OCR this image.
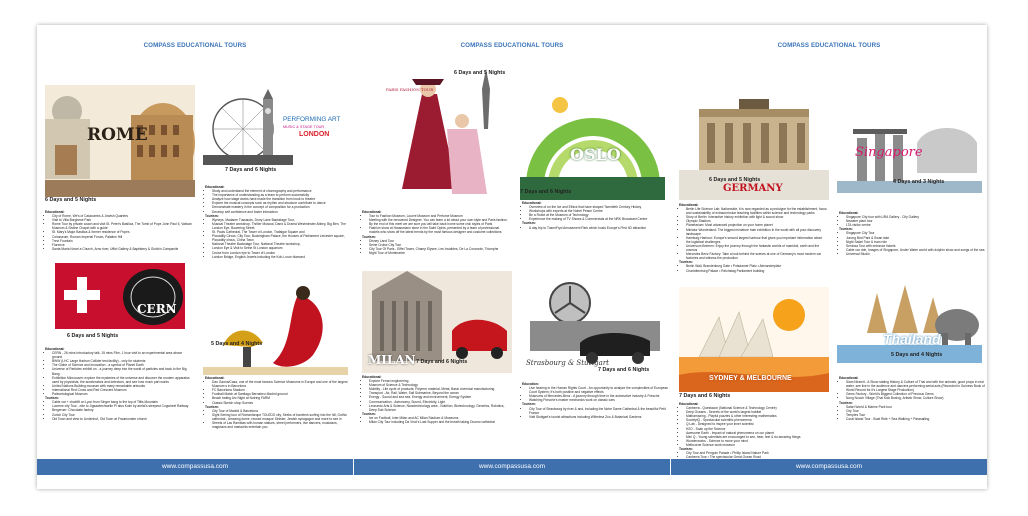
COMPASS EDUCATIONAL TOURS
ROME
6 Days and 5 Nights
Educational:
• City of Rome, We's of Catacombs & Jewish Quarters
• Visit to Villa Borghese Park
• Rome Tour by private coach and visit St. Peter's Basilica, The Tomb of Pope John Paul II, Vatican Museum & Sistine Chapel with a guide
• St. Mary's Major Basilica & former residence of Popes
• Colosseum, Roman Imperial Forum, Palatine Hill
• Trevi Fountain
• Florence
• Santa Maria Novel a Church, Arno river, Uffizi Gallery & Baptistery & Giotto's Campanile
PERFORMING ART
MUSIC & STAGE TOUR
LONDON
7 Days and 6 Nights
Educational:
• Study and understand the element of choreography and performance
• The importance of understanding as a team to perform successfully
• Analyze how stage works have made the transition from book to theatre
• Explore the musical concepts such as rhythm and structure contribute to dance
• Demonstrate mastery in the concept of composition for a production
• Develop self confidence and foster interaction
Tourism:
• Wyneys, Madame Tussauds, Drury Lane Backstage Tour,
• Musical Theatre workshop, Thriller Musical, Dand & Drama Westminster Abbey, Big Ben, The London Eye, Bowering Street,
• St. Pauls Cathedral, The Tower of London, Trafalgar Square and
• Piccadilly Circus, City Tour, Buckingham Palace, the Houses of Parliament Leicester square, Piccadilly circus, China Town
• National Theatre Backstage Tour, National Theatre workshop,
• London Eye & Visit to Seine St London aquarium
• Cruise from London eye to Tower of London
• London Bridge, English Jewels including the Koh-i-noor diamond
CERN
6 Days and 5 Nights
Educational:
• CERN - 26 mins Introductory talk, 15 mins Film, 1 hour visit to an experimental area above ground
• BWW (LHC Large Hadron Collider test facility) - only for students
• The Globe of Science and Innovation - a symbol of Planet Earth
• Universe of Particles exhibit on - a journey deep into the world of particles and back to the Big Bang
• Exhibition Microcosm: explore the mysteries of the universe and discover the modern apparatus used by physicists, the accelerators and detectors, and see how much part works
• United Nations Building museum with many remarkable artworks
• International Red Cross and Red Crescent Museum
• Paleontological Museum
Tourism:
• Cable car + chairlift on Lyon from Singer bang to the top of Titlis Mountain
• Lucerne city Tour - ride to Jigsawtechwelle Pl atus Kulm by aerial's steepest Cogwheel Railway
• Bergeruer: Chocolate factory
• Zurich City Tour
• Old Town and view to Lindenhof, Old Town at Fraumunster church
5 Days and 4 Nights
Educational:
• Dan Gaona/Casa, one of the most famous Science Museums in Europe and one of the largest Museum s in Barcelona
• FC Barcelona Stadium
• Football Match at Santiago Bernabeu Madrid ground
• Beach bating Arc Night at Nutring FARM
• Classic Sketch shop Scenes
Tourism:
• City Tour of Madrid & Barcelona
• Sight Seeing tour of Romantarque TOLEDO city, Seeks of travelers surfing into the hill, Gothic cathedral , Amazing dome, reused mosque Sinister, Jewish synagogue and more to see in
• Streets of Las Ramblas with human statues, street performers, live dancers, musicians, magicians and mariachis entertain you
www.compassusa.com
COMPASS EDUCATIONAL TOURS
PARIS FASHION TOUR
6 Days and 5 Nights
Educational:
• Tour to Fashion Museum, Louvre Museum and Perfume Museum
• Meeting with the renowned Designer. You can learn a lot about your own style and Paris fashion. By the end of this meet we are sure you will take back home some chic styles of Paris
• Fashion show at Haussmann store in the Saint Ophis, presented by a team of professional models who show off the latest trends by the most famous designer and costume collections
Tourism:
• Disney Land Tour
• Seine Cruise City Tour
• City Tour Of Paris - Eiffel Tower, Champ Elysee, Les Invalides, De La Concorde, Triomphe
• Night Tour of Montmartre
OSLO
7 Days and 6 Nights
Educational:
• Overview of on the Ice and Ethics that have shaped Twentieth Century History
• Workshops with experts at the Nobel Peace Centre
• Be a Robot at the Museum of Technology
• Experience the making of TV Shows & Commercials at the NRK Broadcast Centre
Tourism:
• A day trip to TusenFryd Amusement Park which hosts Europe's First 4D attraction
MILAN 7 Days and 6 Nights
Educational:
• Explore Ferrari engineering
• Museum of Science & Technology
• Mobility - Life cycle of products; Polymer material, Metal, Basic chemical manufacturing
• Transport - Air, Rail, Water, Sail Submarine, Beyond the ocean
• Energy - Sound and sea sea, Energy and environment, Energy System
• Communication - Astronomy, Sound, Electricity, Light
• Leonardo Arts & Science, Nanotechnology area - Nutrition, Biotechnology, Genetics, Robotics, Deep Sub Science
Tourism:
• Ice on Football, Inter Milan and AC Milan Stadium & Museums
• Milan City Tour including Da Vinci's Last Supper and the breath taking Duomo cathedral
Strasbourg & Stuttgart
7 Days and 6 Nights
Education:
• Live hearing in the Human Rights Court - An opportunity to analyze the complexities of European Court System; It's both positive and negative effects
• Museums of Mercedes-Benz - A journey through time in the automotive industry & Porsche
• Watching Porsche's master mechanics work on classic cars
Tourism:
• City Tour of Strasbourg by river & and, including the Notre Dame Cathedral & the beautiful Petit France
• Visit Stuttgart's tourist attractions including Wilhelma Zoo & Botanical Gardens
www.compassusa.com
COMPASS EDUCATIONAL TOURS
6 Days and 5 Nights
GERMANY
Educational:
• Berlin Life Science Lab: Nationwide, it is now regarded as a prototype for the establishment, focus and sustainability of extracurricular teaching facilities within science and technology parks
• Story of Berlin: Interactive history exhibition with light & sound show
• Olympic Stadium
• Planetarium: Most advanced projection on your home planet
• Miniatur Wunderland: The biggest miniature train exhibition in the world with all your discovery landscape
• Hamburg Harbour: Europe's second largest harbour that gives you important information about the logistical challenges
• Universum Bremen: Enjoy the journey through the fantastic worlds of mankind, earth and the cosmos
• Mercedes Benz Factory: Take a look behind the scenes at one of Germany's most modern car factories and witness the production
Tourism:
• Berlin Wall, Brandenburg Gate • Potsdamer Platz • Alexanderplatz
• Charlottenburg Palace • Reichstag Parliament building
Singapore
4 Days and 3 Nights
Educational:
• Singapore City tour with URA Gallery - City Gallery
• Newater plant tour
• LTA visitor centre
Tourism:
• Singapore City Tour
• Jurong Bird Park & Swan lake
• Night Safari Tour & tram ride
• Sentosa Tour with entrance tickets
• Cable car ride, Images of Singapore, Under Water world with dolphin show and songs of the sea
• Universal Studio
SYDNEY & MELBOURNE
7 Days and 6 Nights
Educational:
• Canberra - Questacon (National Science & Technology Centre)
• Deep Oceans - Secrets of the world's largest habitat
• Mathamazing - Playful puzzles & other interesting mathematics
• SocietyIQ - Spectacular scientific phenomena
• Q Lab - Designed to inspire your inner scientist
• H2O - Soak up the Science
• Awesome Earth - Impact of natural phenomena on our planet
• Mini Q - Young scientists are encouraged to see, hear, feel & do amazing things
• Wonderworks - Science to move your mind
• Melbourne Science work museum
Tourism:
• City Tour and Penguin Parade • Phillip Island Nature Park
• Canberra Tour • The spectacular Great Ocean Road
Thailand
5 Days and 4 Nights
Educational:
• Siam Niramit - A Show stating History & Culture of Thai and with live animals, good props in real water, see live in the audience and dancers performing aerial acts (Recorded in Guiness Book of World Record for it's Largest Stage Production)
• Gems Factory - World's Biggest Collection of Precious Gems
• Nong Nooch Village (Thai Kick Boxing, Artistic Show, Culture Show)
Tourism:
• Safari World & Marine Park tour
• City Tour
• Temples Tour
• Coral Island Tour - Boat Ride + Sea Walking + Parasailing
www.compassusa.com
